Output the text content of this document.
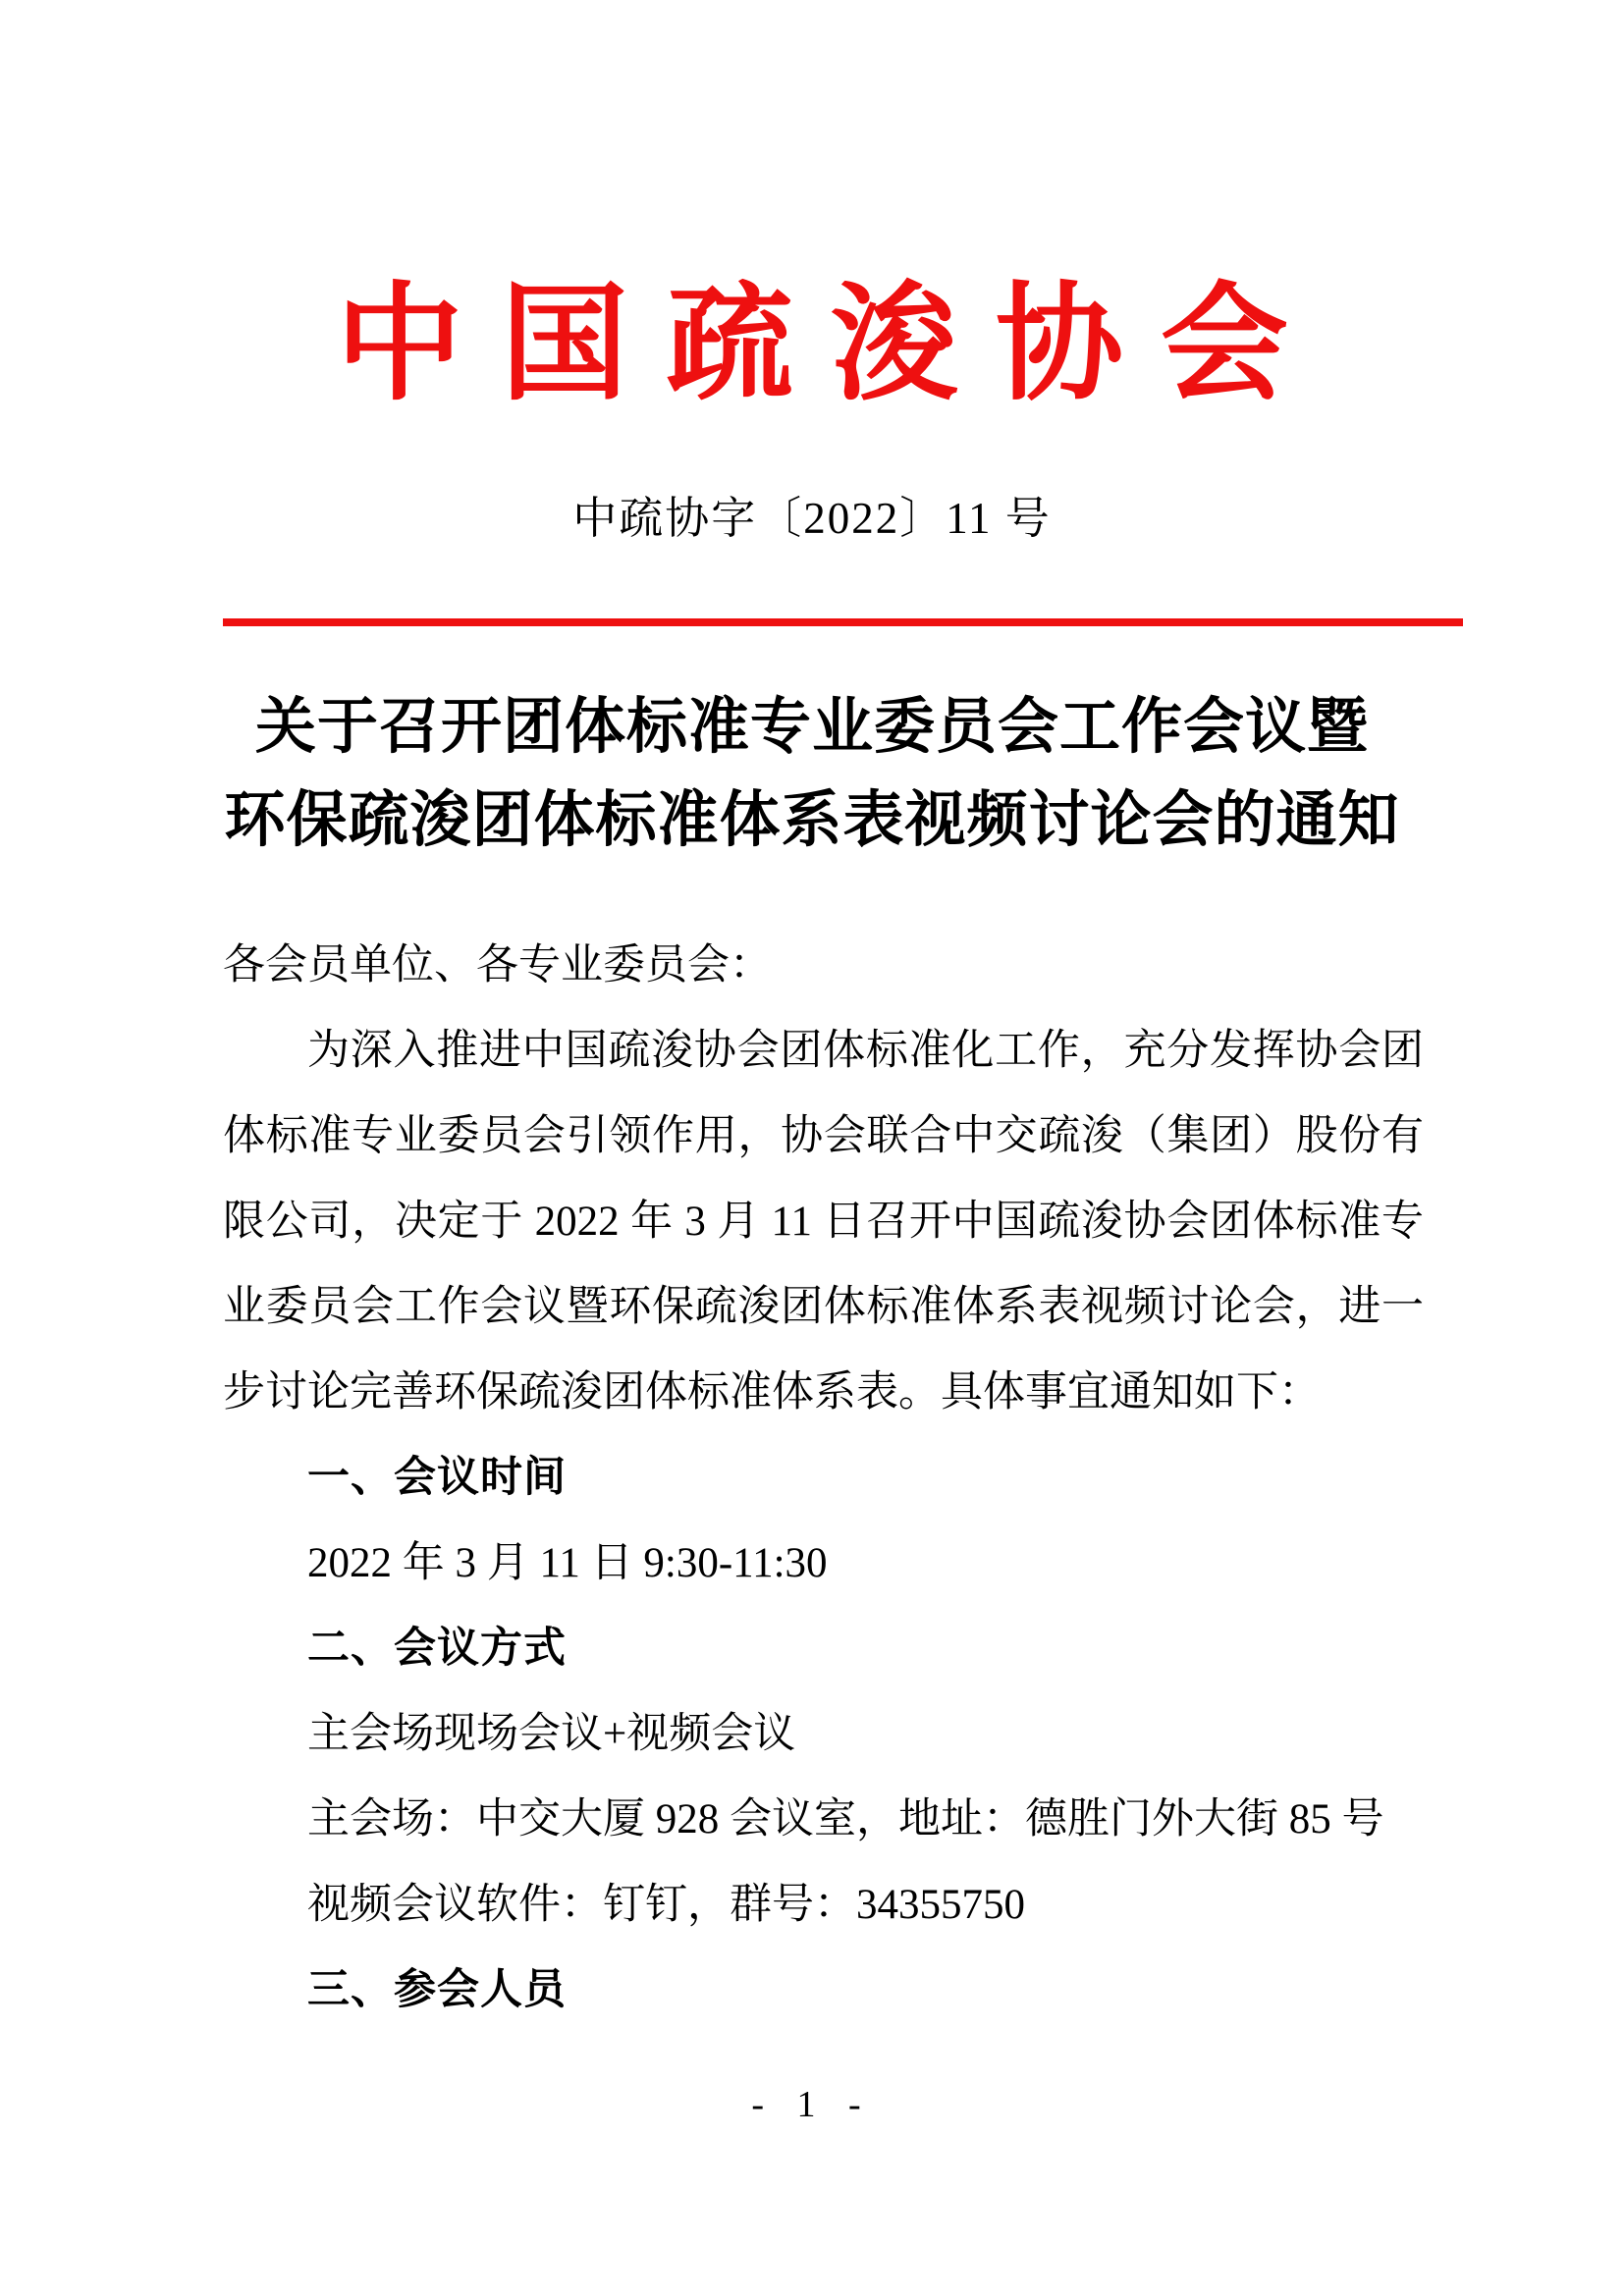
中国疏浚协会
中疏协字〔2022〕11 号
关于召开团体标准专业委员会工作会议暨
环保疏浚团体标准体系表视频讨论会的通知
各会员单位、各专业委员会：
为深入推进中国疏浚协会团体标准化工作，充分发挥协会团
体标准专业委员会引领作用，协会联合中交疏浚（集团）股份有
限公司，决定于 2022 年 3 月 11 日召开中国疏浚协会团体标准专
业委员会工作会议暨环保疏浚团体标准体系表视频讨论会，进一
步讨论完善环保疏浚团体标准体系表。具体事宜通知如下：
一、会议时间
2022 年 3 月 11 日 9:30-11:30
二、会议方式
主会场现场会议+视频会议
主会场：中交大厦 928 会议室，地址：德胜门外大街 85 号
视频会议软件：钉钉，群号：34355750
三、参会人员
- 1 -
